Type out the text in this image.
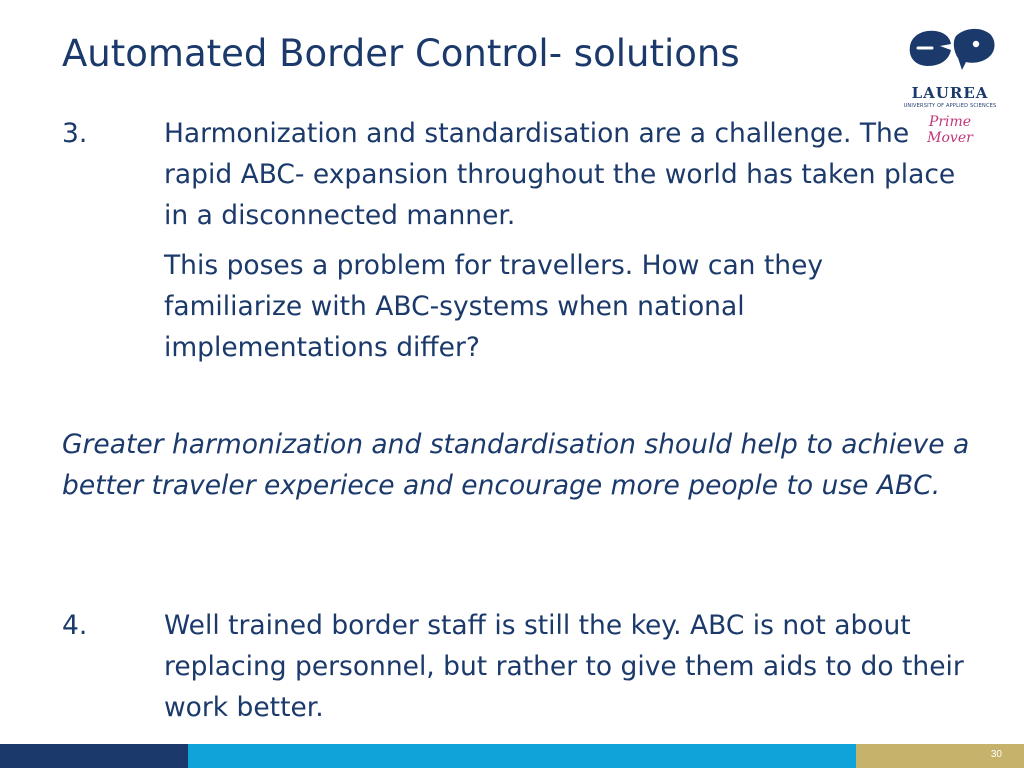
Automated Border Control- solutions
LAUREA
UNIVERSITY OF APPLIED SCIENCES
Prime Mover
3.	Harmonization and standardisation are a challenge. The rapid ABC- expansion throughout the world has taken place in a disconnected manner.

This poses a problem for travellers. How can they familiarize with ABC-systems when national implementations differ?

Greater harmonization and standardisation should help to achieve a better traveler experiece and encourage more people to use ABC.

4.	Well trained border staff is still the key. ABC is not about replacing personnel, but rather to give them aids to do their work better.

30
